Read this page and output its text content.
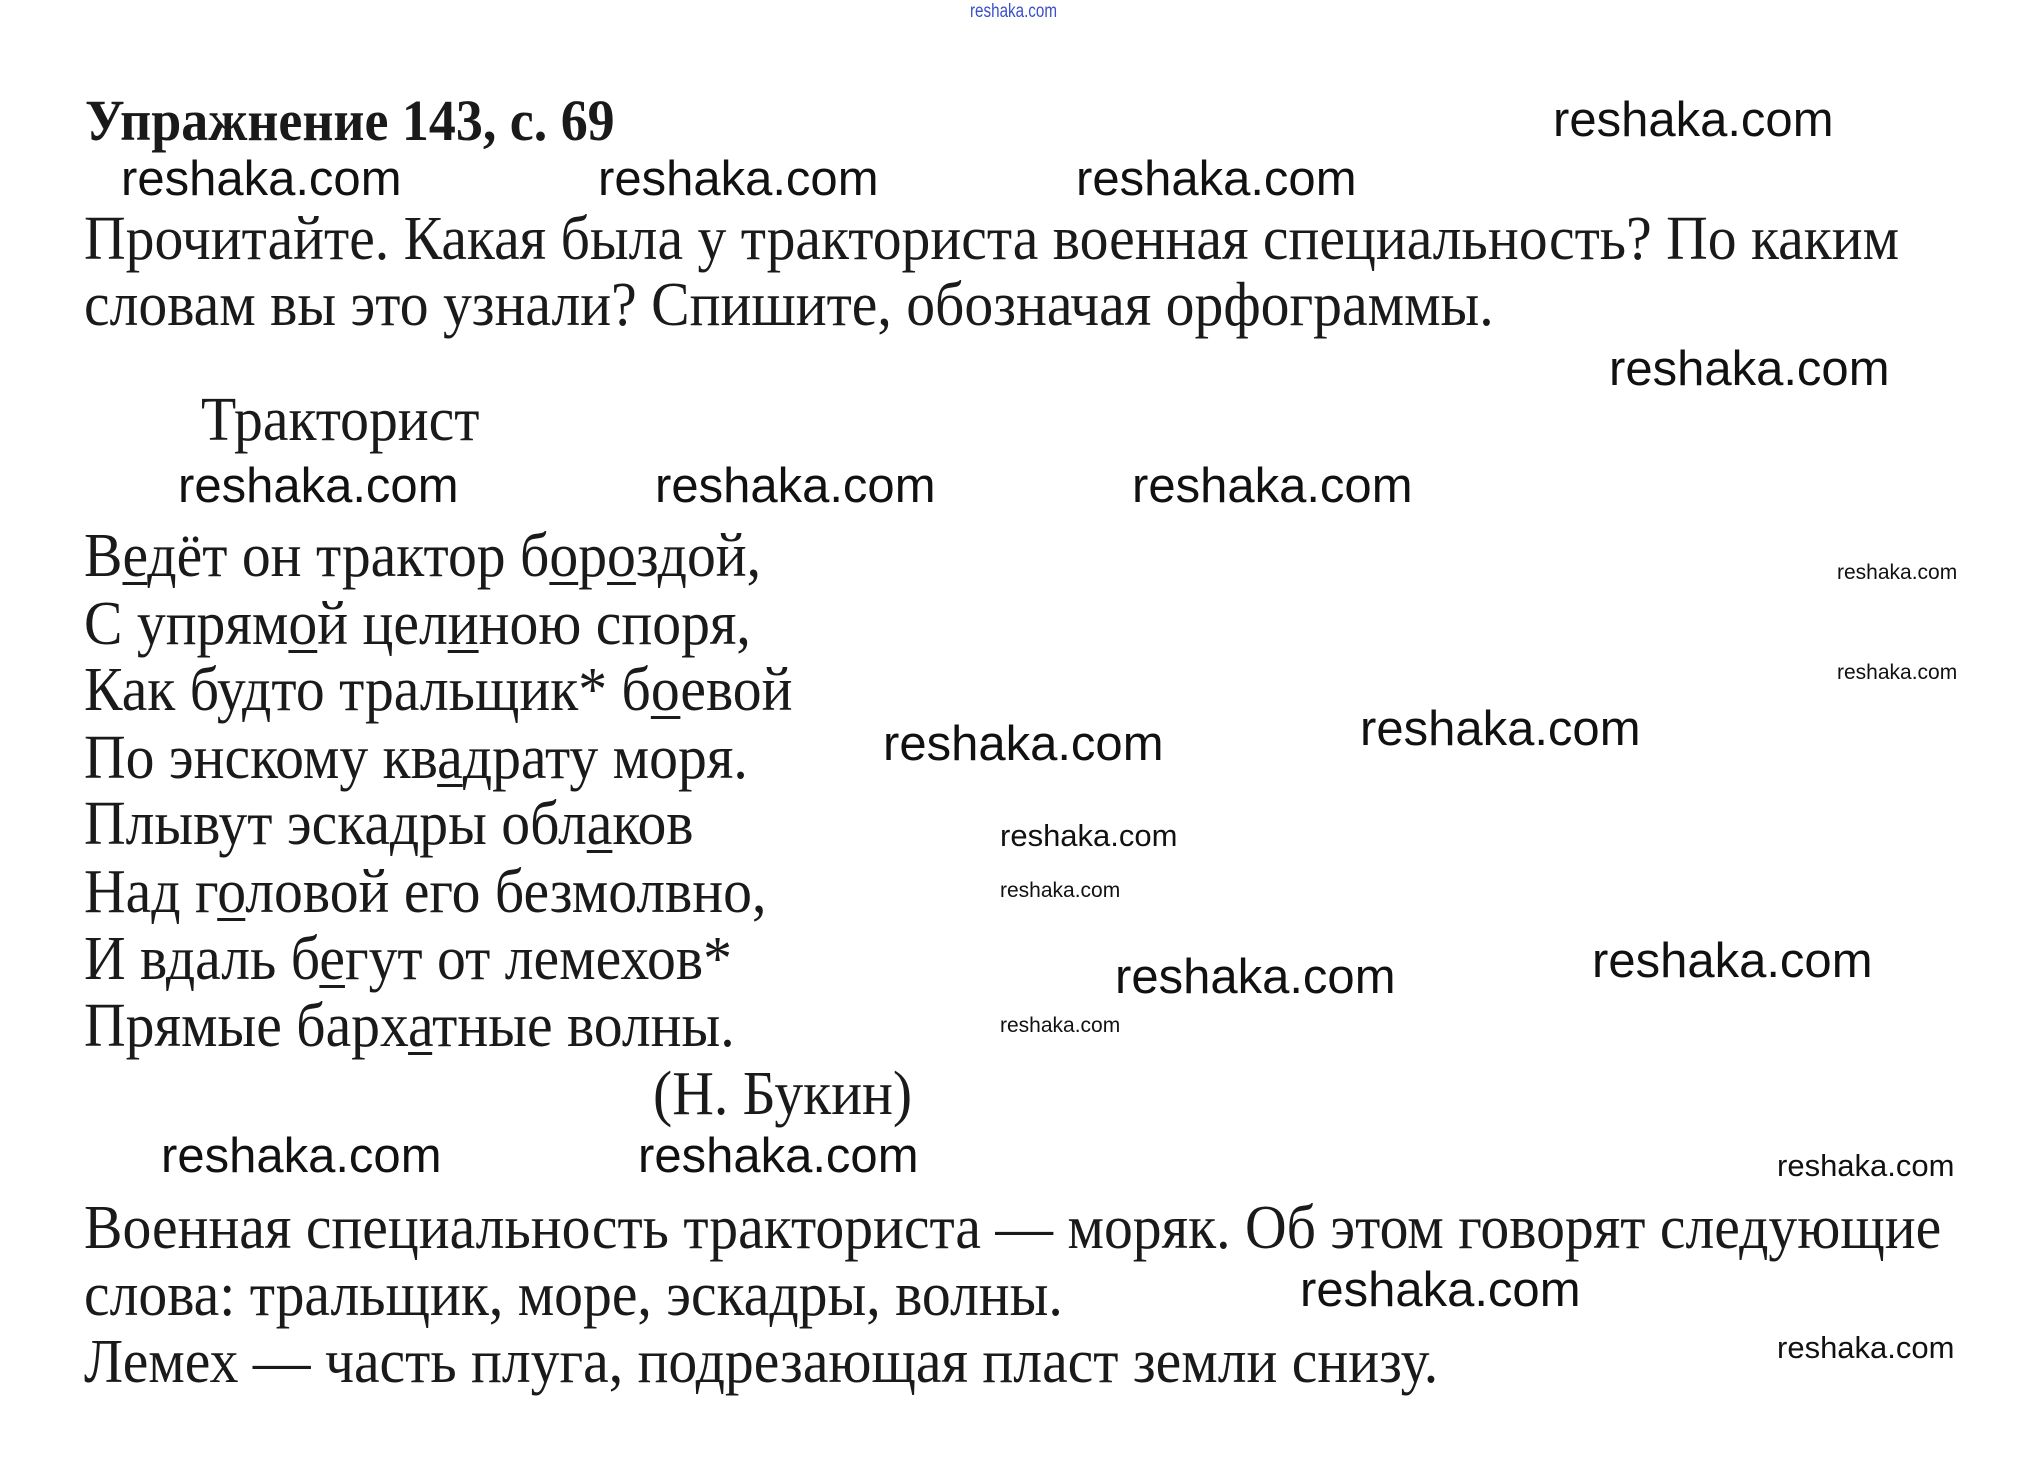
reshaka.com
Упражнение 143, с. 69
Прочитайте. Какая была у тракториста военная специальность? По каким
словам вы это узнали? Спишите, обозначая орфограммы.
Тракторист
Ведёт он трактор бороздой,
С упрямой целиною споря,
Как будто тральщик* боевой
По энскому квадрату моря.
Плывут эскадры облаков
Над головой его безмолвно,
И вдаль бегут от лемехов*
Прямые бархатные волны.
(Н. Букин)
Военная специальность тракториста — моряк. Об этом говорят следующие
слова: тральщик, море, эскадры, волны.
Лемех — часть плуга, подрезающая пласт земли снизу.
reshaka.com
reshaka.com	reshaka.com	reshaka.com
reshaka.com
reshaka.com	reshaka.com	reshaka.com
reshaka.com	reshaka.com
reshaka.com	reshaka.com
reshaka.com
reshaka.com
reshaka.com
reshaka.com
reshaka.com
reshaka.com
reshaka.com
reshaka.com
reshaka.com
reshaka.com
